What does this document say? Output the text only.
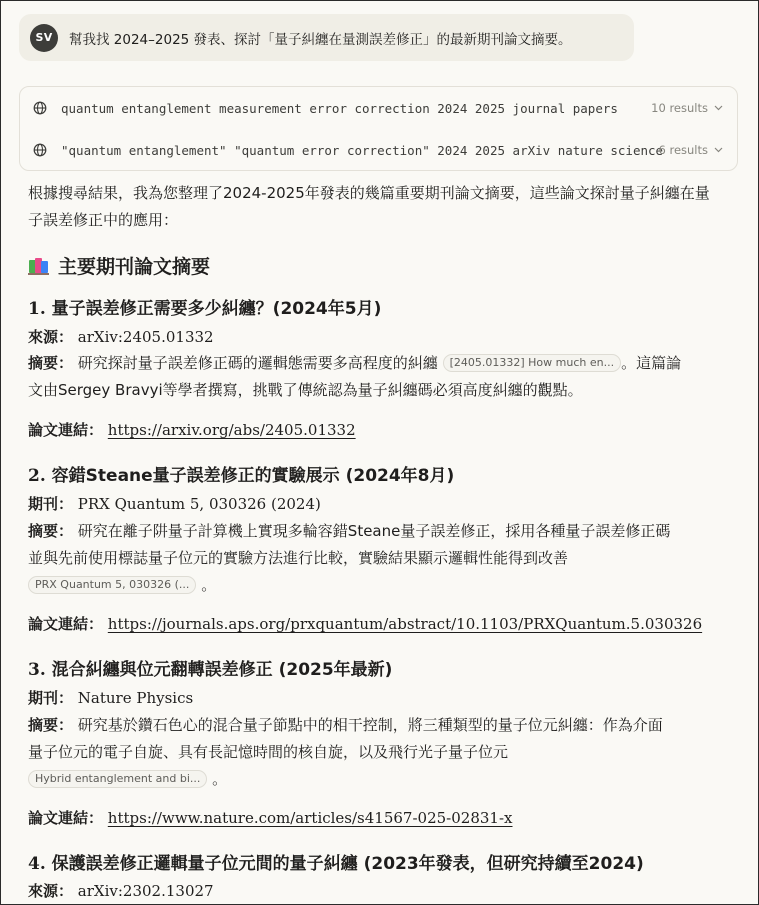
SV	幫我找 2024–2025 發表、探討「量子糾纏在量測誤差修正」的最新期刊論文摘要。
quantum entanglement measurement error correction 2024 2025 journal papers	10 results
"quantum entanglement" "quantum error correction" 2024 2025 arXiv nature science
6 results
根據搜尋結果，我為您整理了2024-2025年發表的幾篇重要期刊論文摘要，這些論文探討量子糾纏在量子誤差修正中的應用：
主要期刊論文摘要
1. 量子誤差修正需要多少糾纏？(2024年5月)
來源： arXiv:2405.01332
摘要： 研究探討量子誤差修正碼的邏輯態需要多高程度的糾纏 [2405.01332] How much en... 。這篇論
文由Sergey Bravyi等學者撰寫，挑戰了傳統認為量子糾纏碼必須高度糾纏的觀點。
論文連結： https://arxiv.org/abs/2405.01332
2. 容錯Steane量子誤差修正的實驗展示 (2024年8月)
期刊： PRX Quantum 5, 030326 (2024)
摘要： 研究在離子阱量子計算機上實現多輪容錯Steane量子誤差修正，採用各種量子誤差修正碼
並與先前使用標誌量子位元的實驗方法進行比較，實驗結果顯示邏輯性能得到改善
PRX Quantum 5, 030326 (... 。
論文連結： https://journals.aps.org/prxquantum/abstract/10.1103/PRXQuantum.5.030326
3. 混合糾纏與位元翻轉誤差修正 (2025年最新)
期刊： Nature Physics
摘要： 研究基於鑽石色心的混合量子節點中的相干控制，將三種類型的量子位元糾纏：作為介面
量子位元的電子自旋、具有長記憶時間的核自旋，以及飛行光子量子位元
Hybrid entanglement and bi... 。
論文連結： https://www.nature.com/articles/s41567-025-02831-x
4. 保護誤差修正邏輯量子位元間的量子糾纏 (2023年發表，但研究持續至2024)
來源： arXiv:2302.13027
